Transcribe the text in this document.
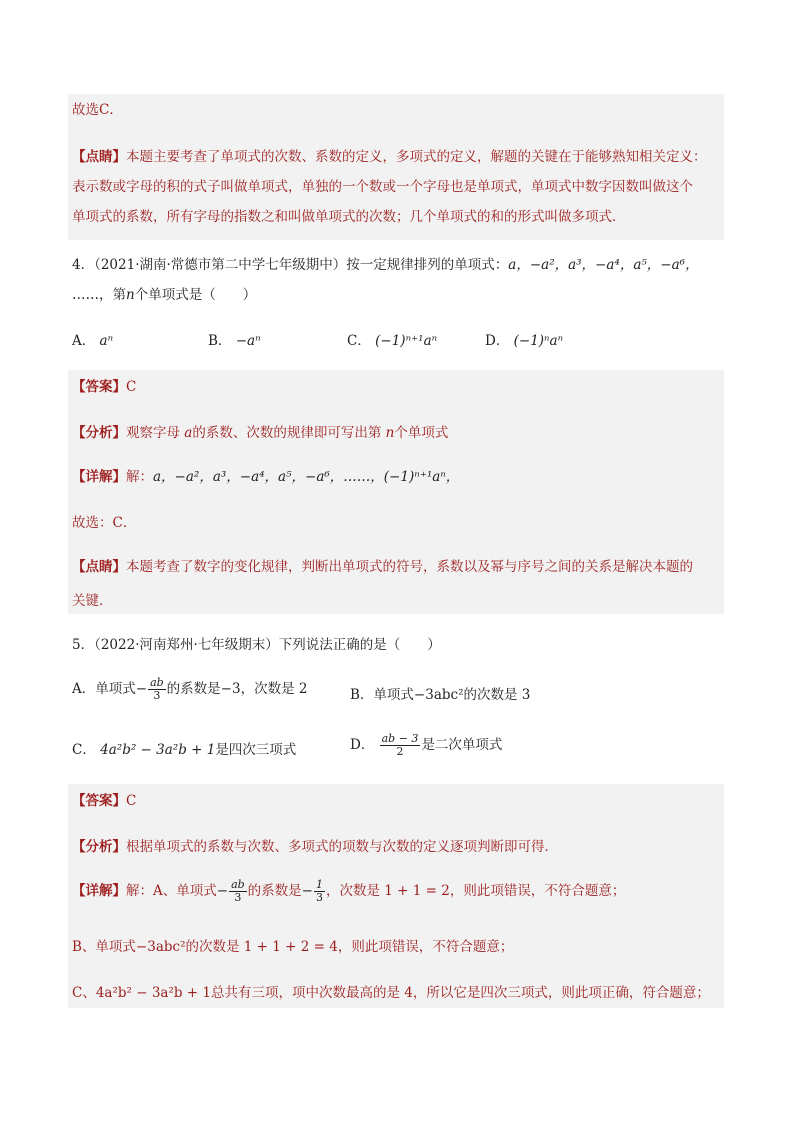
故选C．
【点睛】本题主要考查了单项式的次数、系数的定义，多项式的定义，解题的关键在于能够熟知相关定义：
表示数或字母的积的式子叫做单项式，单独的一个数或一个字母也是单项式，单项式中数字因数叫做这个
单项式的系数，所有字母的指数之和叫做单项式的次数；几个单项式的和的形式叫做多项式．
4．（2021·湖南·常德市第二中学七年级期中）按一定规律排列的单项式：a，−a²，a³，−a⁴，a⁵，−a⁶，
……，第n个单项式是（　　）
A． aⁿ	B． −aⁿ	C． (−1)ⁿ⁺¹aⁿ	D． (−1)ⁿaⁿ
【答案】C
【分析】观察字母 a的系数、次数的规律即可写出第 n个单项式
【详解】解：a，−a²，a³，−a⁴，a⁵，−a⁶，……，(−1)ⁿ⁺¹aⁿ，
故选：C．
【点睛】本题考查了数字的变化规律，判断出单项式的符号，系数以及幂与序号之间的关系是解决本题的
关键．
5．（2022·河南郑州·七年级期末）下列说法正确的是（　　）
A．单项式− $\frac{ab}{3}$ 的系数是−3，次数是 2	B．单项式−3abc²的次数是 3
C． 4a²b² − 3a²b + 1是四次三项式	D． $\frac{ab - 3}{2}$ 是二次单项式
【答案】C
【分析】根据单项式的系数与次数、多项式的项数与次数的定义逐项判断即可得．
【详解】解：A、单项式− $\frac{ab}{3}$ 的系数是− $\frac{1}{3}$ ，次数是 1 + 1 = 2，则此项错误，不符合题意；
B、单项式−3abc²的次数是 1 + 1 + 2 = 4，则此项错误，不符合题意；
C、4a²b² − 3a²b + 1总共有三项，项中次数最高的是 4，所以它是四次三项式，则此项正确，符合题意；
